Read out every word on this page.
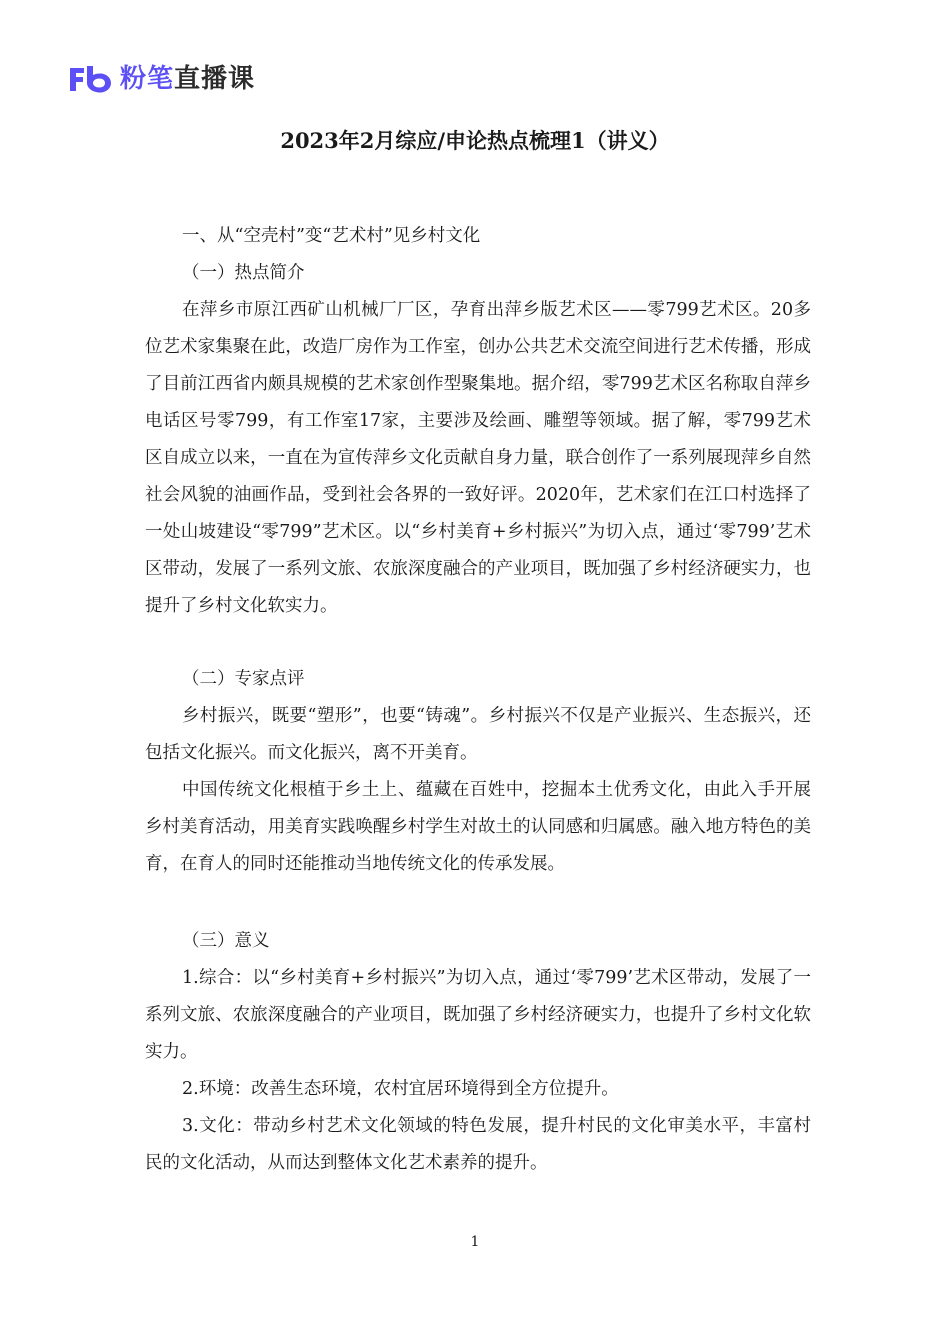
粉笔直播课
2023年2月综应/申论热点梳理1（讲义）

一、从“空壳村”变“艺术村”见乡村文化

（一）热点简介

在萍乡市原江西矿山机械厂厂区，孕育出萍乡版艺术区——零799艺术区。20多位艺术家集聚在此，改造厂房作为工作室，创办公共艺术交流空间进行艺术传播，形成了目前江西省内颇具规模的艺术家创作型聚集地。据介绍，零799艺术区名称取自萍乡电话区号零799，有工作室17家，主要涉及绘画、雕塑等领域。据了解，零799艺术区自成立以来，一直在为宣传萍乡文化贡献自身力量，联合创作了一系列展现萍乡自然社会风貌的油画作品，受到社会各界的一致好评。2020年，艺术家们在江口村选择了一处山坡建设“零799”艺术区。以“乡村美育+乡村振兴”为切入点，通过‘零799’艺术区带动，发展了一系列文旅、农旅深度融合的产业项目，既加强了乡村经济硬实力，也提升了乡村文化软实力。

（二）专家点评

乡村振兴，既要“塑形”，也要“铸魂”。乡村振兴不仅是产业振兴、生态振兴，还包括文化振兴。而文化振兴，离不开美育。

中国传统文化根植于乡土上、蕴藏在百姓中，挖掘本土优秀文化，由此入手开展乡村美育活动，用美育实践唤醒乡村学生对故土的认同感和归属感。融入地方特色的美育，在育人的同时还能推动当地传统文化的传承发展。

（三）意义

1.综合：以“乡村美育+乡村振兴”为切入点，通过‘零799’艺术区带动，发展了一系列文旅、农旅深度融合的产业项目，既加强了乡村经济硬实力，也提升了乡村文化软实力。

2.环境：改善生态环境，农村宜居环境得到全方位提升。

3.文化：带动乡村艺术文化领域的特色发展，提升村民的文化审美水平，丰富村民的文化活动，从而达到整体文化艺术素养的提升。

1
